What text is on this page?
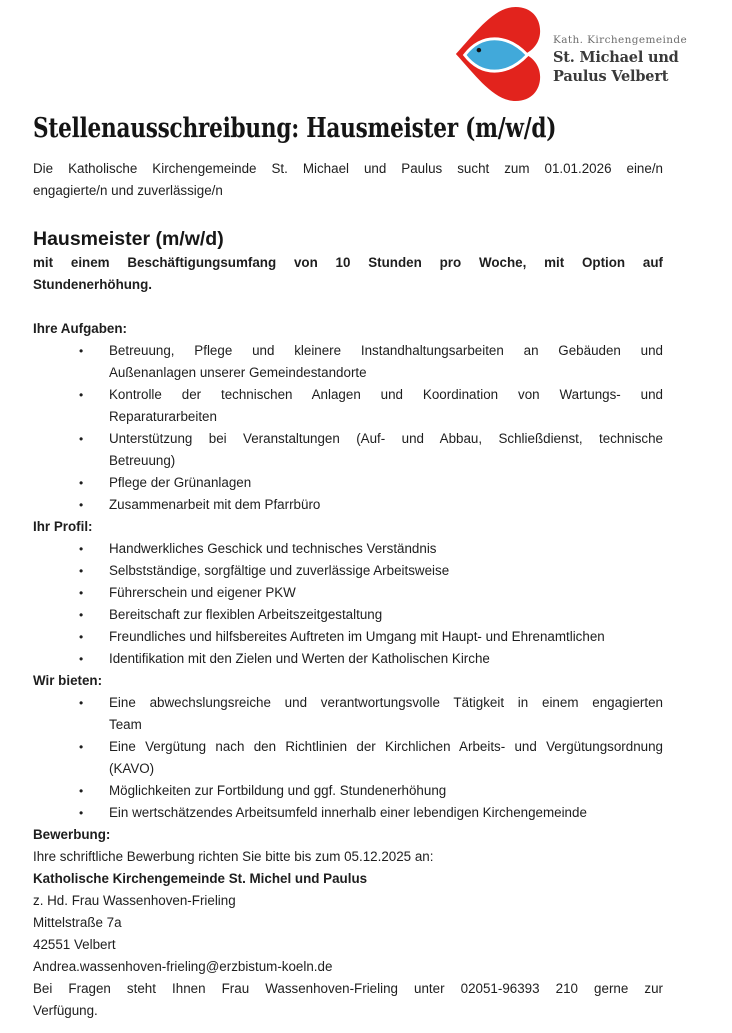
Kath. Kirchengemeinde
St. Michael und
Paulus Velbert
Stellenausschreibung: Hausmeister (m/w/d)

Die Katholische Kirchengemeinde St. Michael und Paulus sucht zum 01.01.2026 eine/n
engagierte/n und zuverlässige/n

Hausmeister (m/w/d)

mit einem Beschäftigungsumfang von 10 Stunden pro Woche, mit Option auf
Stundenerhöhung.

Ihre Aufgaben:
• Betreuung, Pflege und kleinere Instandhaltungsarbeiten an Gebäuden und
Außenanlagen unserer Gemeindestandorte
• Kontrolle der technischen Anlagen und Koordination von Wartungs- und
Reparaturarbeiten
• Unterstützung bei Veranstaltungen (Auf- und Abbau, Schließdienst, technische
Betreuung)
• Pflege der Grünanlagen
• Zusammenarbeit mit dem Pfarrbüro
Ihr Profil:
• Handwerkliches Geschick und technisches Verständnis
• Selbstständige, sorgfältige und zuverlässige Arbeitsweise
• Führerschein und eigener PKW
• Bereitschaft zur flexiblen Arbeitszeitgestaltung
• Freundliches und hilfsbereites Auftreten im Umgang mit Haupt- und Ehrenamtlichen
• Identifikation mit den Zielen und Werten der Katholischen Kirche
Wir bieten:
• Eine abwechslungsreiche und verantwortungsvolle Tätigkeit in einem engagierten
Team
• Eine Vergütung nach den Richtlinien der Kirchlichen Arbeits- und Vergütungsordnung
(KAVO)
• Möglichkeiten zur Fortbildung und ggf. Stundenerhöhung
• Ein wertschätzendes Arbeitsumfeld innerhalb einer lebendigen Kirchengemeinde
Bewerbung:
Ihre schriftliche Bewerbung richten Sie bitte bis zum 05.12.2025 an:
Katholische Kirchengemeinde St. Michel und Paulus
z. Hd. Frau Wassenhoven-Frieling
Mittelstraße 7a
42551 Velbert
Andrea.wassenhoven-frieling@erzbistum-koeln.de
Bei Fragen steht Ihnen Frau Wassenhoven-Frieling unter 02051-96393 210 gerne zur
Verfügung.
